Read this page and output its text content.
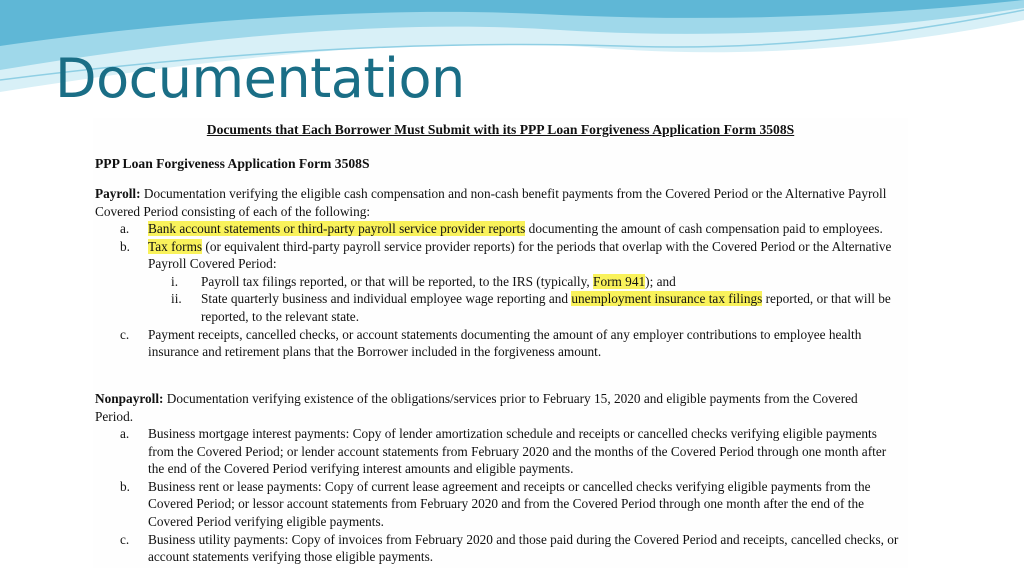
Documentation

Documents that Each Borrower Must Submit with its PPP Loan Forgiveness Application Form 3508S

PPP Loan Forgiveness Application Form 3508S

Payroll: Documentation verifying the eligible cash compensation and non-cash benefit payments from the Covered Period or the Alternative Payroll Covered Period consisting of each of the following:

a. Bank account statements or third-party payroll service provider reports documenting the amount of cash compensation paid to employees.
b. Tax forms (or equivalent third-party payroll service provider reports) for the periods that overlap with the Covered Period or the Alternative Payroll Covered Period:
i. Payroll tax filings reported, or that will be reported, to the IRS (typically, Form 941); and
ii. State quarterly business and individual employee wage reporting and unemployment insurance tax filings reported, or that will be reported, to the relevant state.
c. Payment receipts, cancelled checks, or account statements documenting the amount of any employer contributions to employee health insurance and retirement plans that the Borrower included in the forgiveness amount.

Nonpayroll: Documentation verifying existence of the obligations/services prior to February 15, 2020 and eligible payments from the Covered Period.

a. Business mortgage interest payments: Copy of lender amortization schedule and receipts or cancelled checks verifying eligible payments from the Covered Period; or lender account statements from February 2020 and the months of the Covered Period through one month after the end of the Covered Period verifying interest amounts and eligible payments.
b. Business rent or lease payments: Copy of current lease agreement and receipts or cancelled checks verifying eligible payments from the Covered Period; or lessor account statements from February 2020 and from the Covered Period through one month after the end of the Covered Period verifying eligible payments.
c. Business utility payments: Copy of invoices from February 2020 and those paid during the Covered Period and receipts, cancelled checks, or account statements verifying those eligible payments.
